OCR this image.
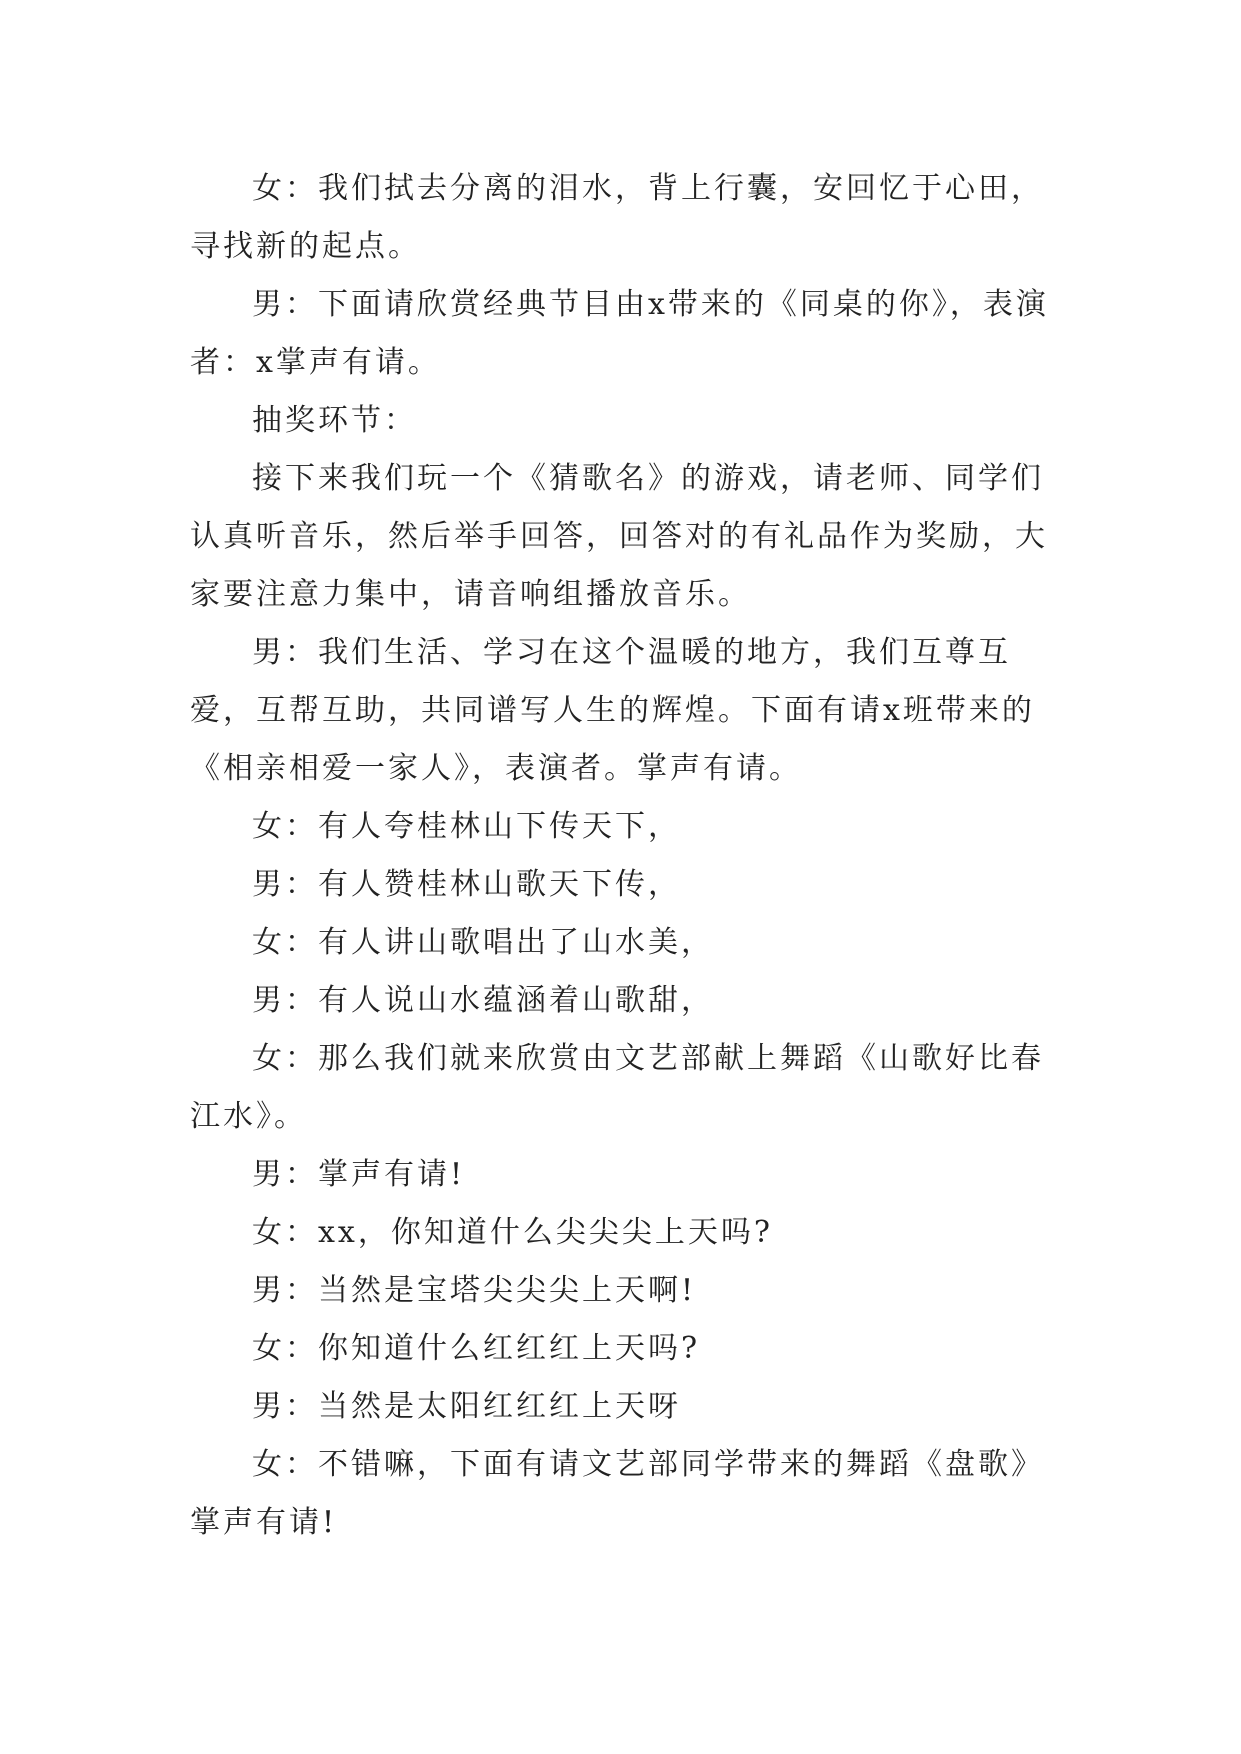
女：我们拭去分离的泪水，背上行囊，安回忆于心田，寻找新的起点。

男：下面请欣赏经典节目由x带来的《同桌的你》，表演者：x掌声有请。

抽奖环节：

接下来我们玩一个《猜歌名》的游戏，请老师、同学们认真听音乐，然后举手回答，回答对的有礼品作为奖励，大家要注意力集中，请音响组播放音乐。

男：我们生活、学习在这个温暖的地方，我们互尊互爱，互帮互助，共同谱写人生的辉煌。下面有请x班带来的《相亲相爱一家人》，表演者。掌声有请。

女：有人夸桂林山下传天下，

男：有人赞桂林山歌天下传，

女：有人讲山歌唱出了山水美，

男：有人说山水蕴涵着山歌甜，

女：那么我们就来欣赏由文艺部献上舞蹈《山歌好比春江水》。

男：掌声有请!

女：xx，你知道什么尖尖尖上天吗?

男：当然是宝塔尖尖尖上天啊!

女：你知道什么红红红上天吗?

男：当然是太阳红红红上天呀

女：不错嘛，下面有请文艺部同学带来的舞蹈《盘歌》掌声有请!
